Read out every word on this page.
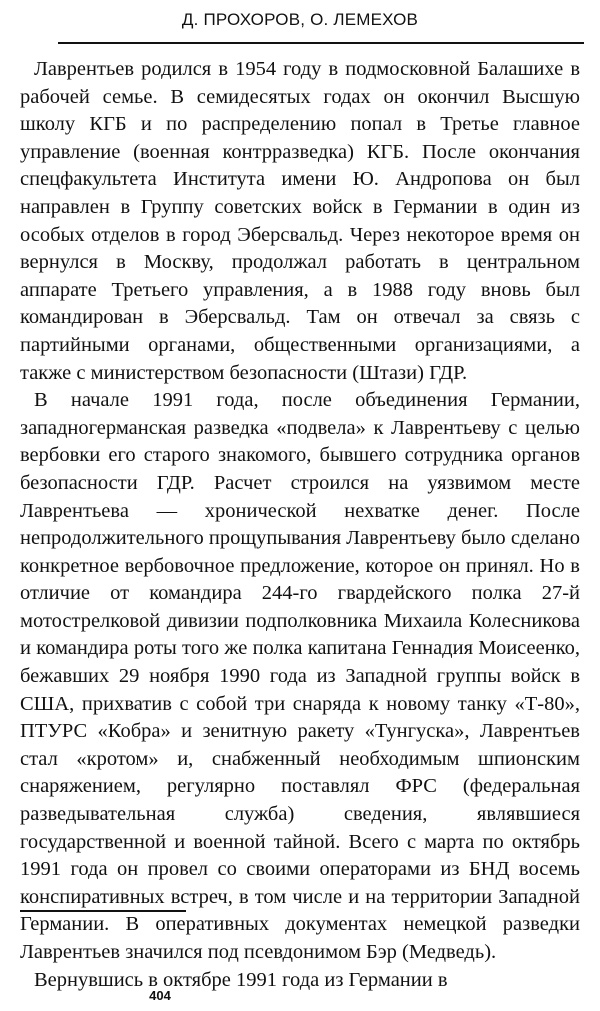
Д. ПРОХОРОВ, О. ЛЕМЕХОВ

Лаврентьев родился в 1954 году в подмосковной Балашихе в рабочей семье. В семидесятых годах он окончил Высшую школу КГБ и по распределению попал в Третье главное управление (военная контрразведка) КГБ. После окончания спецфакультета Института имени Ю. Андропова он был направлен в Группу советских войск в Германии в один из особых отделов в город Эберсвальд. Через некоторое время он вернулся в Москву, продолжал работать в центральном аппарате Третьего управления, а в 1988 году вновь был командирован в Эберсвальд. Там он отвечал за связь с партийными органами, общественными организациями, а также с министерством безопасности (Штази) ГДР.

В начале 1991 года, после объединения Германии, западногерманская разведка «подвела» к Лаврентьеву с целью вербовки его старого знакомого, бывшего сотрудника органов безопасности ГДР. Расчет строился на уязвимом месте Лаврентьева — хронической нехватке денег. После непродолжительного прощупывания Лаврентьеву было сделано конкретное вербовочное предложение, которое он принял. Но в отличие от командира 244-го гвардейского полка 27-й мотострелковой дивизии подполковника Михаила Колесникова и командира роты того же полка капитана Геннадия Моисеенко, бежавших 29 ноября 1990 года из Западной группы войск в США, прихватив с собой три снаряда к новому танку «Т-80», ПТУРС «Кобра» и зенитную ракету «Тунгуска», Лаврентьев стал «кротом» и, снабженный необходимым шпионским снаряжением, регулярно поставлял ФРС (федеральная разведывательная служба) сведения, являвшиеся государственной и военной тайной. Всего с марта по октябрь 1991 года он провел со своими операторами из БНД восемь конспиративных встреч, в том числе и на территории Западной Германии. В оперативных документах немецкой разведки Лаврентьев значился под псевдонимом Бэр (Медведь).

Вернувшись в октябре 1991 года из Германии в

404
